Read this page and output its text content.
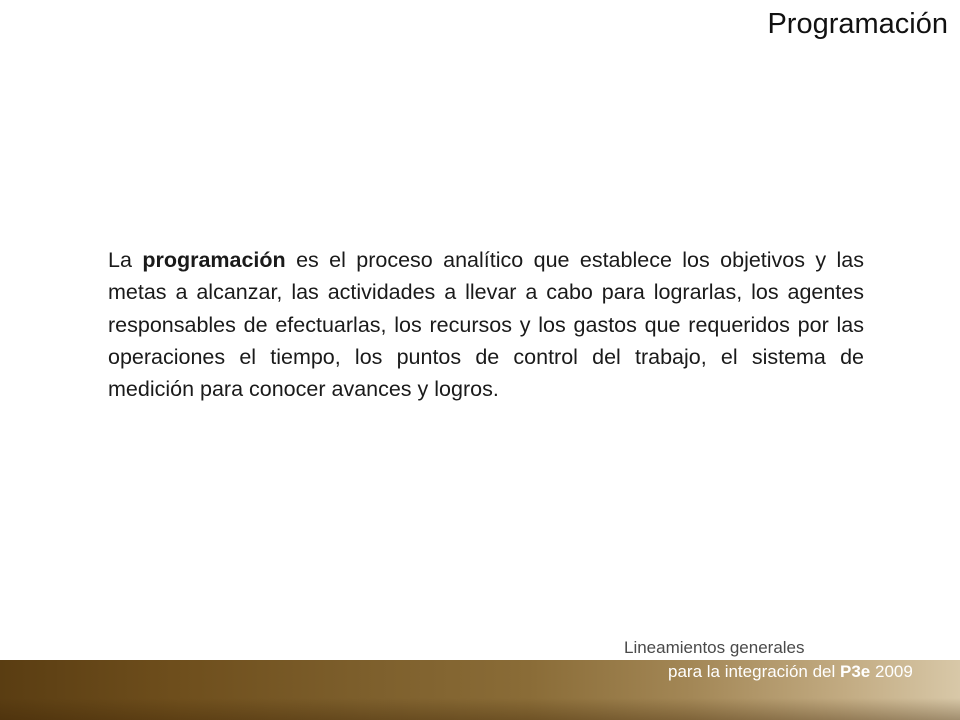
Programación
La programación es el proceso analítico que establece los objetivos y las metas a alcanzar, las actividades a llevar a cabo para lograrlas, los agentes responsables de efectuarlas, los recursos y los gastos que requeridos por las operaciones el tiempo, los puntos de control del trabajo, el sistema de medición para conocer avances y logros.
Lineamientos generales
para la integración del P3e 2009
